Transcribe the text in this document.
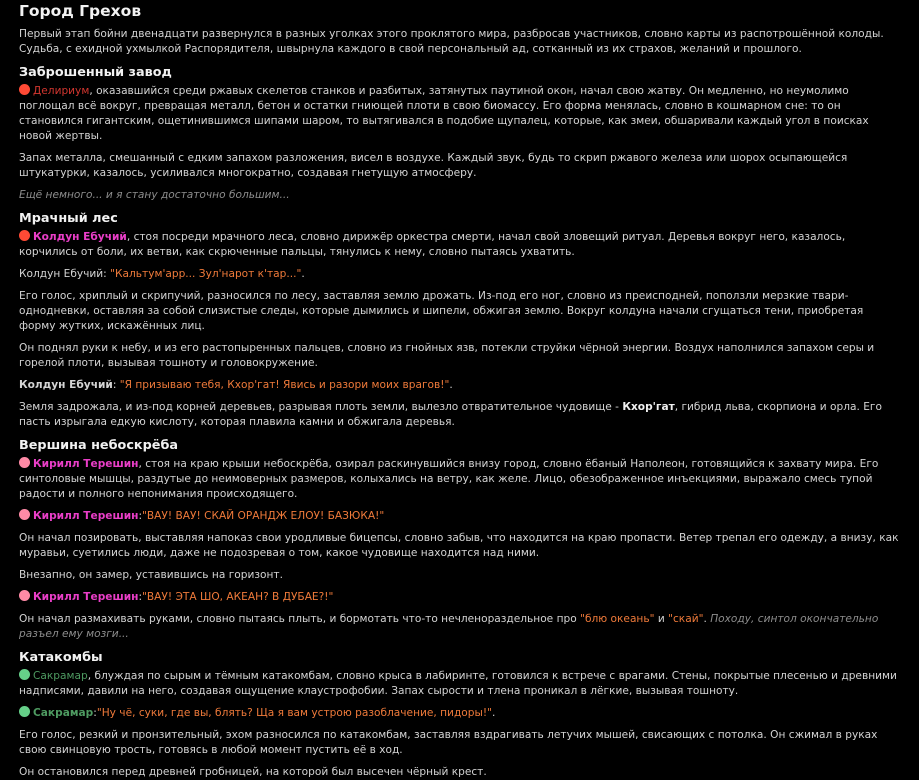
Город Грехов

Первый этап бойни двенадцати развернулся в разных уголках этого проклятого мира, разбросав участников, словно карты из распотрошённой колоды. Судьба, с ехидной ухмылкой Распорядителя, швырнула каждого в свой персональный ад, сотканный из их страхов, желаний и прошлого.

Заброшенный завод

Делириум, оказавшийся среди ржавых скелетов станков и разбитых, затянутых паутиной окон, начал свою жатву. Он медленно, но неумолимо поглощал всё вокруг, превращая металл, бетон и остатки гниющей плоти в свою биомассу. Его форма менялась, словно в кошмарном сне: то он становился гигантским, ощетинившимся шипами шаром, то вытягивался в подобие щупалец, которые, как змеи, обшаривали каждый угол в поисках новой жертвы.

Запах металла, смешанный с едким запахом разложения, висел в воздухе. Каждый звук, будь то скрип ржавого железа или шорох осыпающейся штукатурки, казалось, усиливался многократно, создавая гнетущую атмосферу.

Ещё немного... и я стану достаточно большим...

Мрачный лес

Колдун Ебучий, стоя посреди мрачного леса, словно дирижёр оркестра смерти, начал свой зловещий ритуал. Деревья вокруг него, казалось, корчились от боли, их ветви, как скрюченные пальцы, тянулись к нему, словно пытаясь ухватить.

Колдун Ебучий: "Кальтум'арр... Зул'нарот к'тар...".

Его голос, хриплый и скрипучий, разносился по лесу, заставляя землю дрожать. Из-под его ног, словно из преисподней, поползли мерзкие твари-однодневки, оставляя за собой слизистые следы, которые дымились и шипели, обжигая землю. Вокруг колдуна начали сгущаться тени, приобретая форму жутких, искажённых лиц.

Он поднял руки к небу, и из его растопыренных пальцев, словно из гнойных язв, потекли струйки чёрной энергии. Воздух наполнился запахом серы и горелой плоти, вызывая тошноту и головокружение.

Колдун Ебучий: "Я призываю тебя, Кхор'гат! Явись и разори моих врагов!".

Земля задрожала, и из-под корней деревьев, разрывая плоть земли, вылезло отвратительное чудовище - Кхор'гат, гибрид льва, скорпиона и орла. Его пасть изрыгала едкую кислоту, которая плавила камни и обжигала деревья.

Вершина небоскрёба

Кирилл Терешин, стоя на краю крыши небоскрёба, озирал раскинувшийся внизу город, словно ёбаный Наполеон, готовящийся к захвату мира. Его синтоловые мышцы, раздутые до неимоверных размеров, колыхались на ветру, как желе. Лицо, обезображенное инъекциями, выражало смесь тупой радости и полного непонимания происходящего.

Кирилл Терешин:"ВАУ! ВАУ! СКАЙ ОРАНДЖ ЕЛОУ! БАЗЮКА!"

Он начал позировать, выставляя напоказ свои уродливые бицепсы, словно забыв, что находится на краю пропасти. Ветер трепал его одежду, а внизу, как муравьи, суетились люди, даже не подозревая о том, какое чудовище находится над ними.

Внезапно, он замер, уставившись на горизонт.

Кирилл Терешин:"ВАУ! ЭТА ШО, АКЕАН? В ДУБАЕ?!"

Он начал размахивать руками, словно пытаясь плыть, и бормотать что-то нечленораздельное про "блю океань" и "скай". Походу, синтол окончательно разъел ему мозги...

Катакомбы

Сакрамар, блуждая по сырым и тёмным катакомбам, словно крыса в лабиринте, готовился к встрече с врагами. Стены, покрытые плесенью и древними надписями, давили на него, создавая ощущение клаустрофобии. Запах сырости и тлена проникал в лёгкие, вызывая тошноту.

Сакрамар:"Ну чё, суки, где вы, блять? Ща я вам устрою разоблачение, пидоры!".

Его голос, резкий и пронзительный, эхом разносился по катакомбам, заставляя вздрагивать летучих мышей, свисающих с потолка. Он сжимал в руках свою свинцовую трость, готовясь в любой момент пустить её в ход.

Он остановился перед древней гробницей, на которой был высечен чёрный крест.
